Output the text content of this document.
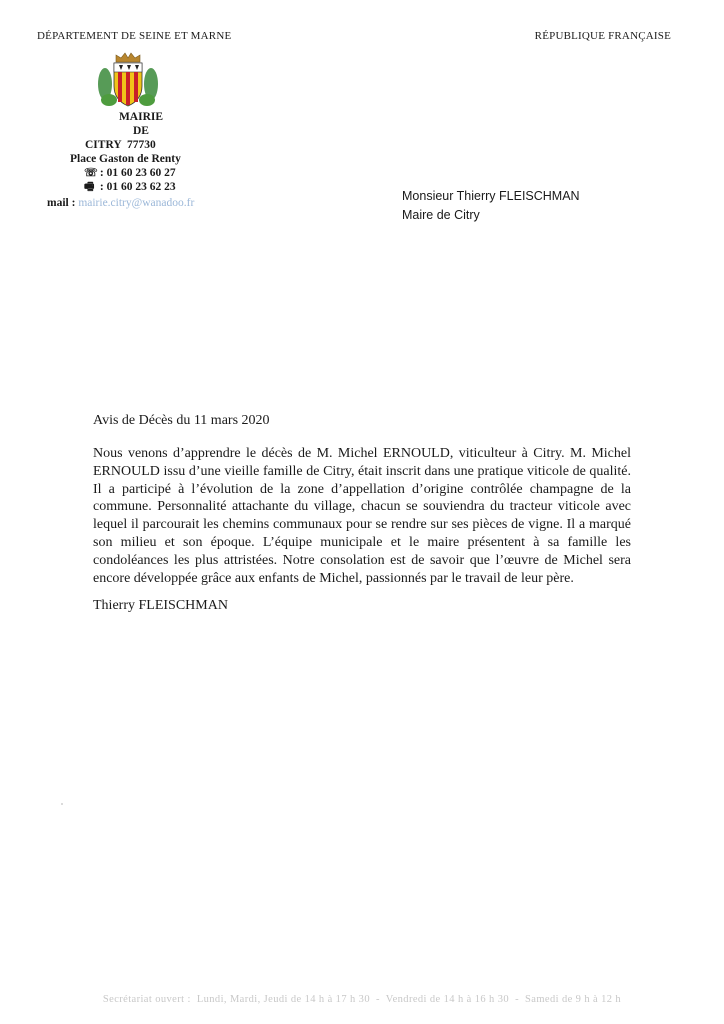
DÉPARTEMENT DE SEINE ET MARNE	RÉPUBLIQUE FRANÇAISE
MAIRIE
DE
CITRY  77730
Place Gaston de Renty
☏ : 01 60 23 60 27
🖷 : 01 60 23 62 23
mail : mairie.citry@wanadoo.fr	Monsieur Thierry FLEISCHMAN
Maire de Citry
Avis de Décès du 11 mars 2020
Nous venons d’apprendre le décès de M. Michel ERNOULD, viticulteur à Citry. M. Michel ERNOULD issu d’une vieille famille de Citry, était inscrit dans une pratique viticole de qualité. Il a participé à l’évolution de la zone d’appellation d’origine contrôlée champagne de la commune. Personnalité attachante du village, chacun se souviendra du tracteur viticole avec lequel il parcourait les chemins communaux pour se rendre sur ses pièces de vigne. Il a marqué son milieu et son époque. L’équipe municipale et le maire présentent à sa famille les condoléances les plus attristées. Notre consolation est de savoir que l’œuvre de Michel sera encore développée grâce aux enfants de Michel, passionnés par le travail de leur père.
Thierry FLEISCHMAN
Secrétariat ouvert :  Lundi, Mardi, Jeudi de 14 h à 17 h 30  -  Vendredi de 14 h à 16 h 30  -  Samedi de 9 h à 12 h
